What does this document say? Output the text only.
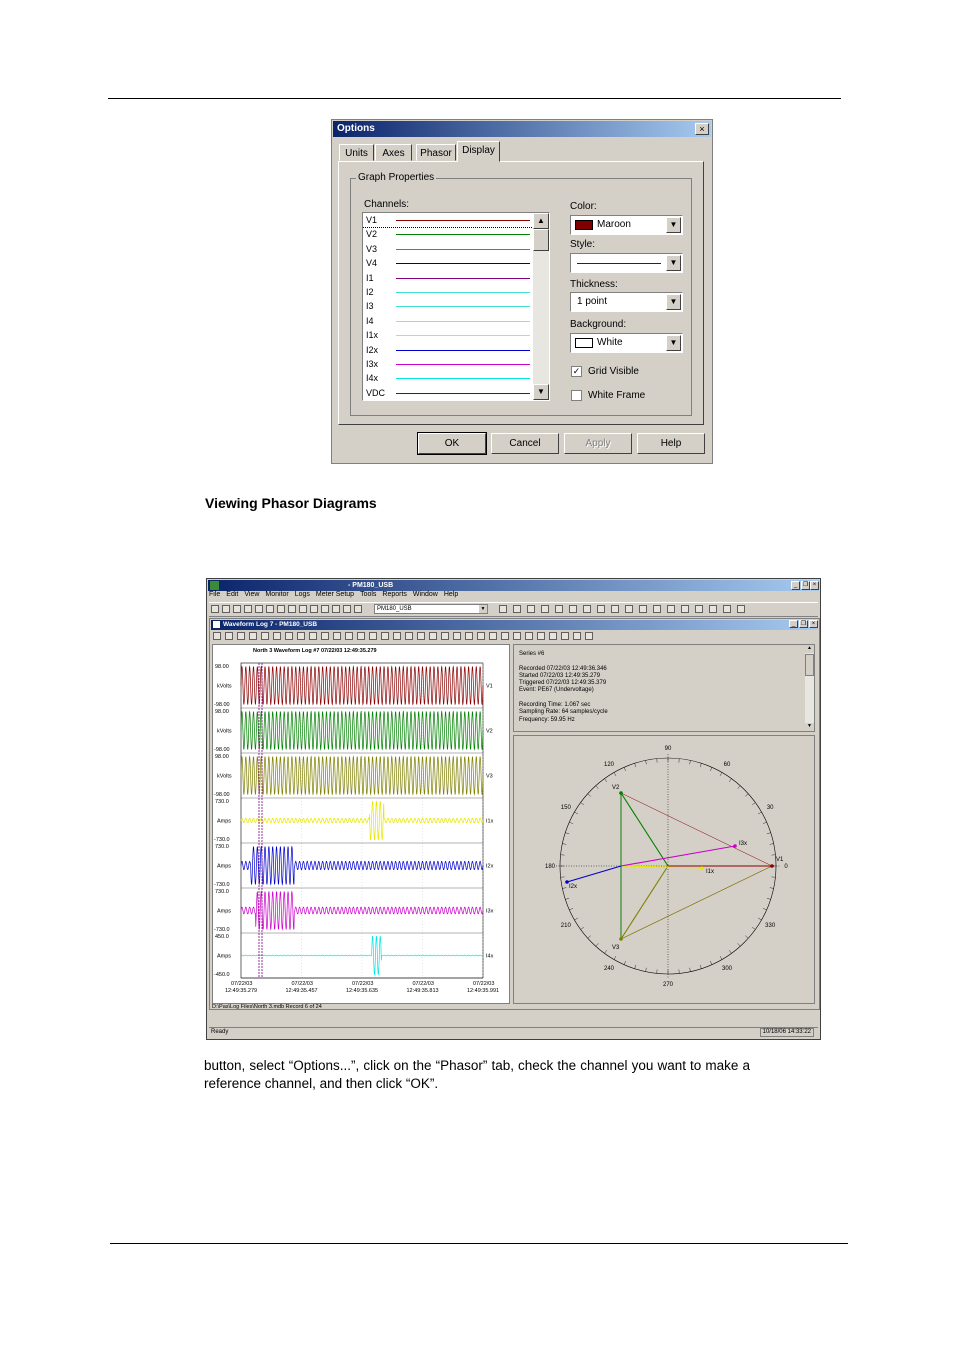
Options	×
Units	Axes	Phasor	Display
Graph Properties
Channels:
V1
V2
V3
V4
I1
I2
I3
I4
I1x
I2x
I3x
I4x
VDC
▲
▼
Color:
Maroon	▼
Style:
▼
Thickness:
1 point	▼
Background:
White	▼
✓ Grid Visible
White Frame
OK	Cancel	Apply	Help
Viewing Phasor Diagrams
- PM180_USB	_ ❐ ×
File Edit View Monitor Logs Meter Setup Tools Reports Window Help
PM180_USB	▼
Waveform Log 7 - PM180_USB	_ ❐ ×
North 3 Waveform Log #7 07/22/03 12:49:35.279
98.00
kVolts
-98.00
V1
98.00
kVolts
-98.00
V2
98.00
kVolts
-98.00
V3
730.0
Amps
-730.0
I1x
730.0
Amps
-730.0
I2x
730.0
Amps
-730.0
I3x
450.0
Amps
-450.0
I4x
07/22/03
12:49:35.279
07/22/03
12:49:35.457
07/22/03
12:49:35.635
07/22/03
12:49:35.813
07/22/03
12:49:35.991
Series #6

Recorded 07/22/03 12:49:36.346
Started 07/22/03 12:49:35.279
Triggered 07/22/03 12:49:35.379
Event: PE67 (Undervoltage)

Recording Time: 1.067 sec
Sampling Rate: 64 samples/cycle
Frequency: 59.95 Hz
▲
▼
90
60
30
0
330
300
270
240
210
180
150
120
V1
V2
V3
I1x
I2x
I3x
D:\Pas\Log Files\North 3.mdb Record 6 of 24
Ready	10/18/06 14:33:22
button, select “Options...”, click on the “Phasor” tab, check the channel you want to make a reference channel, and then click “OK”.
